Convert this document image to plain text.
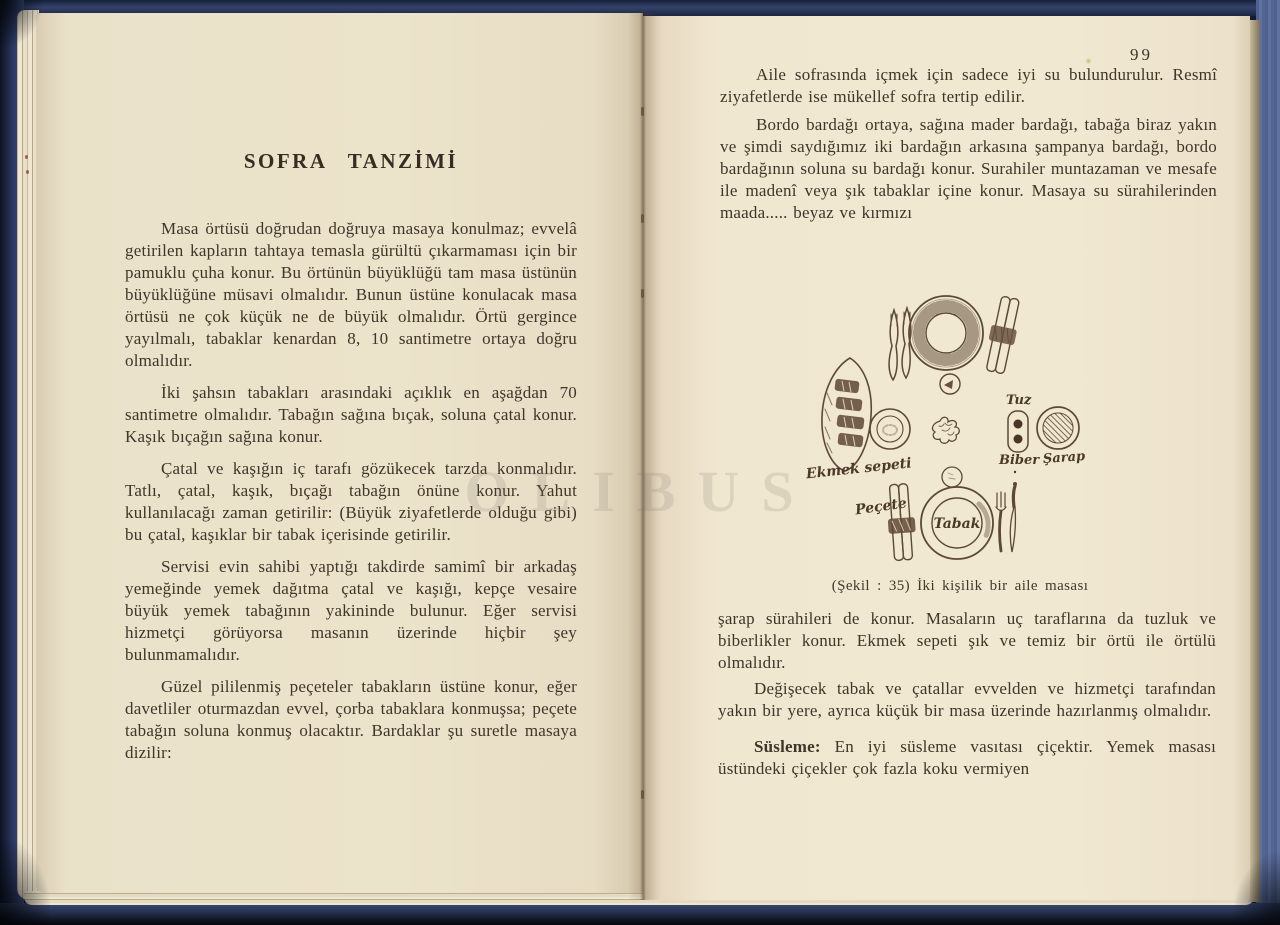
SOFRA TANZİMİ

Masa örtüsü doğrudan doğruya masaya konulmaz; evvelâ getirilen kapların tahtaya temasla gürültü çıkarmaması için bir pamuklu çuha konur. Bu örtünün büyüklüğü tam masa üstünün büyüklüğüne müsavi olmalıdır. Bunun üstüne konulacak masa örtüsü ne çok küçük ne de büyük olmalıdır. Örtü gergince yayılmalı, tabaklar kenardan 8, 10 santimetre ortaya doğru olmalıdır.

İki şahsın tabakları arasındaki açıklık en aşağdan 70 santimetre olmalıdır. Tabağın sağına bıçak, soluna çatal konur. Kaşık bıçağın sağına konur.

Çatal ve kaşığın iç tarafı gözükecek tarzda konmalıdır. Tatlı, çatal, kaşık, bıçağı tabağın önüne konur. Yahut kullanılacağı zaman getirilir: (Büyük ziyafetlerde olduğu gibi) bu çatal, kaşıklar bir tabak içerisinde getirilir.

Servisi evin sahibi yaptığı takdirde samimî bir arkadaş yemeğinde yemek dağıtma çatal ve kaşığı, kepçe vesaire büyük yemek tabağının yakininde bulunur. Eğer servisi hizmetçi görüyorsa masanın üzerinde hiçbir şey bulunmamalıdır.

Güzel pililenmiş peçeteler tabakların üstüne konur, eğer davetliler oturmazdan evvel, çorba tabaklara konmuşsa; peçete tabağın soluna konmuş olacaktır. Bardaklar şu suretle masaya dizilir:

99

Aile sofrasında içmek için sadece iyi su bulundurulur. Resmî ziyafetlerde ise mükellef sofra tertip edilir.

Bordo bardağı ortaya, sağına mader bardağı, tabağa biraz yakın ve şimdi saydığımız iki bardağın arkasına şampanya bardağı, bordo bardağının soluna su bardağı konur. Surahiler muntazaman ve mesafe ile madenî veya şık tabaklar içine konur. Masaya su sürahilerinden maada..... beyaz ve kırmızı

Ekmek sepeti
Tuz
Biber Şarap
Peçete
Tabak
(Şekil : 35) İki kişilik bir aile masası

şarap sürahileri de konur. Masaların uç taraflarına da tuzluk ve biberlikler konur. Ekmek sepeti şık ve temiz bir örtü ile örtülü olmalıdır.

Değişecek tabak ve çatallar evvelden ve hizmetçi tarafından yakın bir yere, ayrıca küçük bir masa üzerinde hazırlanmış olmalıdır.

Süsleme: En iyi süsleme vasıtası çiçektir. Yemek masası üstündeki çiçekler çok fazla koku vermiyen
